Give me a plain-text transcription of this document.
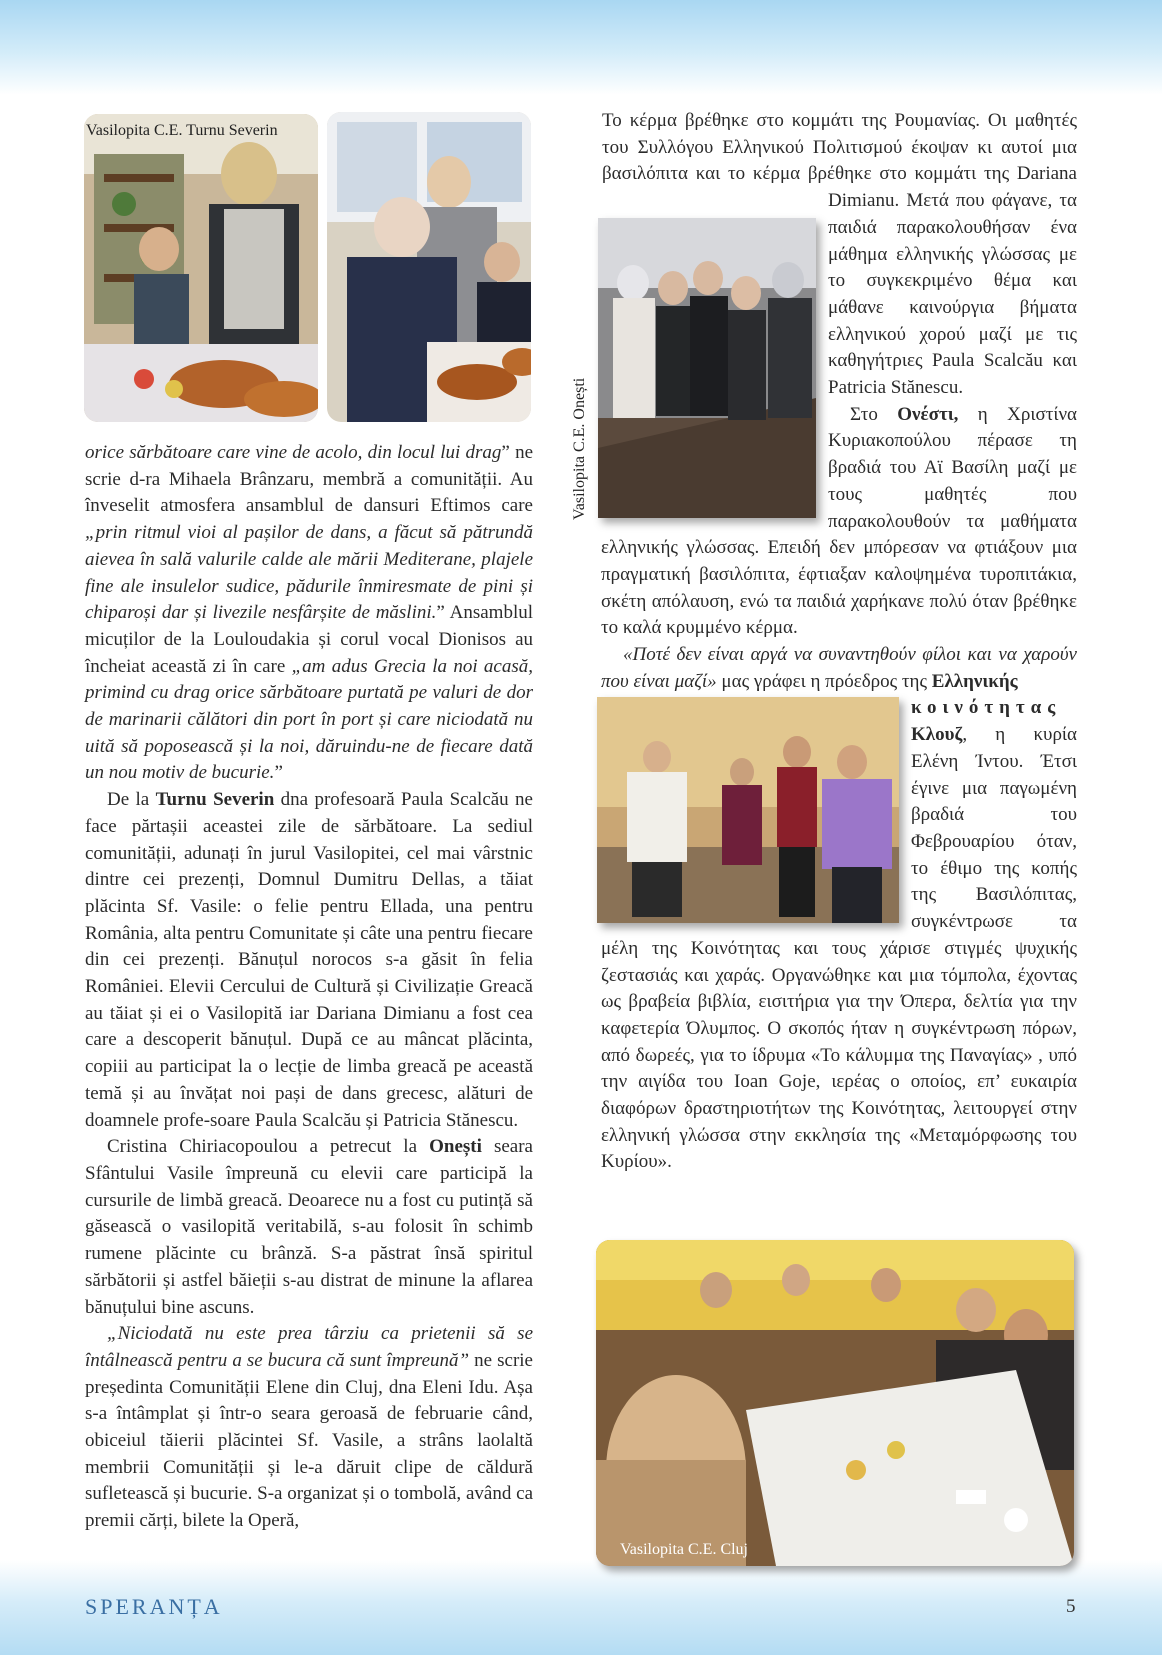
Vasilopita C.E. Turnu Severin

orice sărbătoare care vine de acolo, din locul lui drag” ne scrie d-ra Mihaela Brânzaru, membră a comunității. Au înveselit atmosfera ansamblul de dansuri Eftimos care „prin ritmul vioi al pașilor de dans, a făcut să pătrundă aievea în sală valurile calde ale mării Mediterane, plajele fine ale insulelor sudice, pădurile înmiresmate de pini și chiparoși dar și livezile nesfârșite de măslini.” Ansamblul micuților de la Louloudakia și corul vocal Dionisos au încheiat această zi în care „am adus Grecia la noi acasă, primind cu drag orice sărbătoare purtată pe valuri de dor de marinarii călători din port în port și care niciodată nu uită să poposească și la noi, dăruindu-ne de fiecare dată un nou motiv de bucurie.”

De la Turnu Severin dna profesoară Paula Scalcău ne face părtașii aceastei zile de sărbătoare. La sediul comunității, adunați în jurul Vasilopitei, cel mai vârstnic dintre cei prezenți, Domnul Dumitru Dellas, a tăiat plăcinta Sf. Vasile: o felie pentru Ellada, una pentru România, alta pentru Comunitate și câte una pentru fiecare din cei prezenți. Bănuțul norocos s-a găsit în felia României. Elevii Cercului de Cultură și Civilizație Greacă au tăiat și ei o Vasilopită iar Dariana Dimianu a fost cea care a descoperit bănuțul. După ce au mâncat plăcinta, copiii au participat la o lecție de limba greacă pe această temă și au învățat noi pași de dans grecesc, alături de doamnele profe-soare Paula Scalcău și Patricia Stănescu.

Cristina Chiriacopoulou a petrecut la Onești seara Sfântului Vasile împreună cu elevii care participă la cursurile de limbă greacă. Deoarece nu a fost cu putință să găsească o vasilopită veritabilă, s-au folosit în schimb rumene plăcinte cu brânză. S-a păstrat însă spiritul sărbătorii și astfel băieții s-au distrat de minune la aflarea bănuțului bine ascuns.

„Niciodată nu este prea târziu ca prietenii să se întâlnească pentru a se bucura că sunt împreună” ne scrie președinta Comunității Elene din Cluj, dna Eleni Idu. Așa s-a întâmplat și într-o seara geroasă de februarie când, obiceiul tăierii plăcintei Sf. Vasile, a strâns laolaltă membrii Comunității și le-a dăruit clipe de căldură sufletească și bucurie. S-a organizat și o tombolă, având ca premii cărți, bilete la Operă,

Vasilopita C.E. Onești

Το κέρμα βρέθηκε στο κομμάτι της Ρουμανίας. Οι μαθητές του Συλλόγου Ελληνικού Πολιτισμού έκοψαν κι αυτοί μια βασιλόπιτα και το κέρμα βρέθηκε στο κομμάτι της Dariana Dimianu. Μετά που φάγανε, τα παιδιά παρακολουθήσαν ένα μάθημα ελληνικής γλώσσας με το συγκεκριμένο θέμα και μάθανε καινούργια βήματα ελληνικού χορού μαζί με τις καθηγήτριες Paula Scalcău και Patricia Stănescu.

Στο Ονέστι, η Χριστίνα Κυριακοπούλου πέρασε τη βραδιά του Αϊ Βασίλη μαζί με τους μαθητές που παρακολουθούν τα μαθήματα ελληνικής γλώσσας. Επειδή δεν μπόρεσαν να φτιάξουν μια πραγματική βασιλόπιτα, έφτιαξαν καλοψημένα τυροπιτάκια, σκέτη απόλαυση, ενώ τα παιδιά χαρήκανε πολύ όταν βρέθηκε το καλά κρυμμένο κέρμα.

«Ποτέ δεν είναι αργά να συναντηθούν φίλοι και να χαρούν που είναι μαζί» μας γράφει η πρόεδρος της
Ελληνικής
κοινότητας
Κλουζ, η κυρία Ελένη Ίντου. Έτσι έγινε μια παγωμένη βραδιά του Φεβρουαρίου όταν, το έθιμο της κοπής της Βασιλόπιτας, συγκέντρωσε τα μέλη της Κοινότητας και τους χάρισε στιγμές ψυχικής ζεστασιάς και χαράς. Οργανώθηκε και μια τόμπολα, έχοντας ως βραβεία βιβλία, εισιτήρια για την Όπερα, δελτία για την καφετερία Όλυμπος. Ο σκοπός ήταν η συγκέντρωση πόρων, από δωρεές, για το ίδρυμα «Το κάλυμμα της Παναγίας» , υπό την αιγίδα του Ioan Goje, ιερέας ο οποίος, επ’ ευκαιρία διαφόρων δραστηριοτήτων της Κοινότητας, λειτουργεί στην ελληνική γλώσσα στην εκκλησία της «Μεταμόρφωσης του Κυρίου».

Vasilopita C.E. Cluj
SPERANȚA	5
